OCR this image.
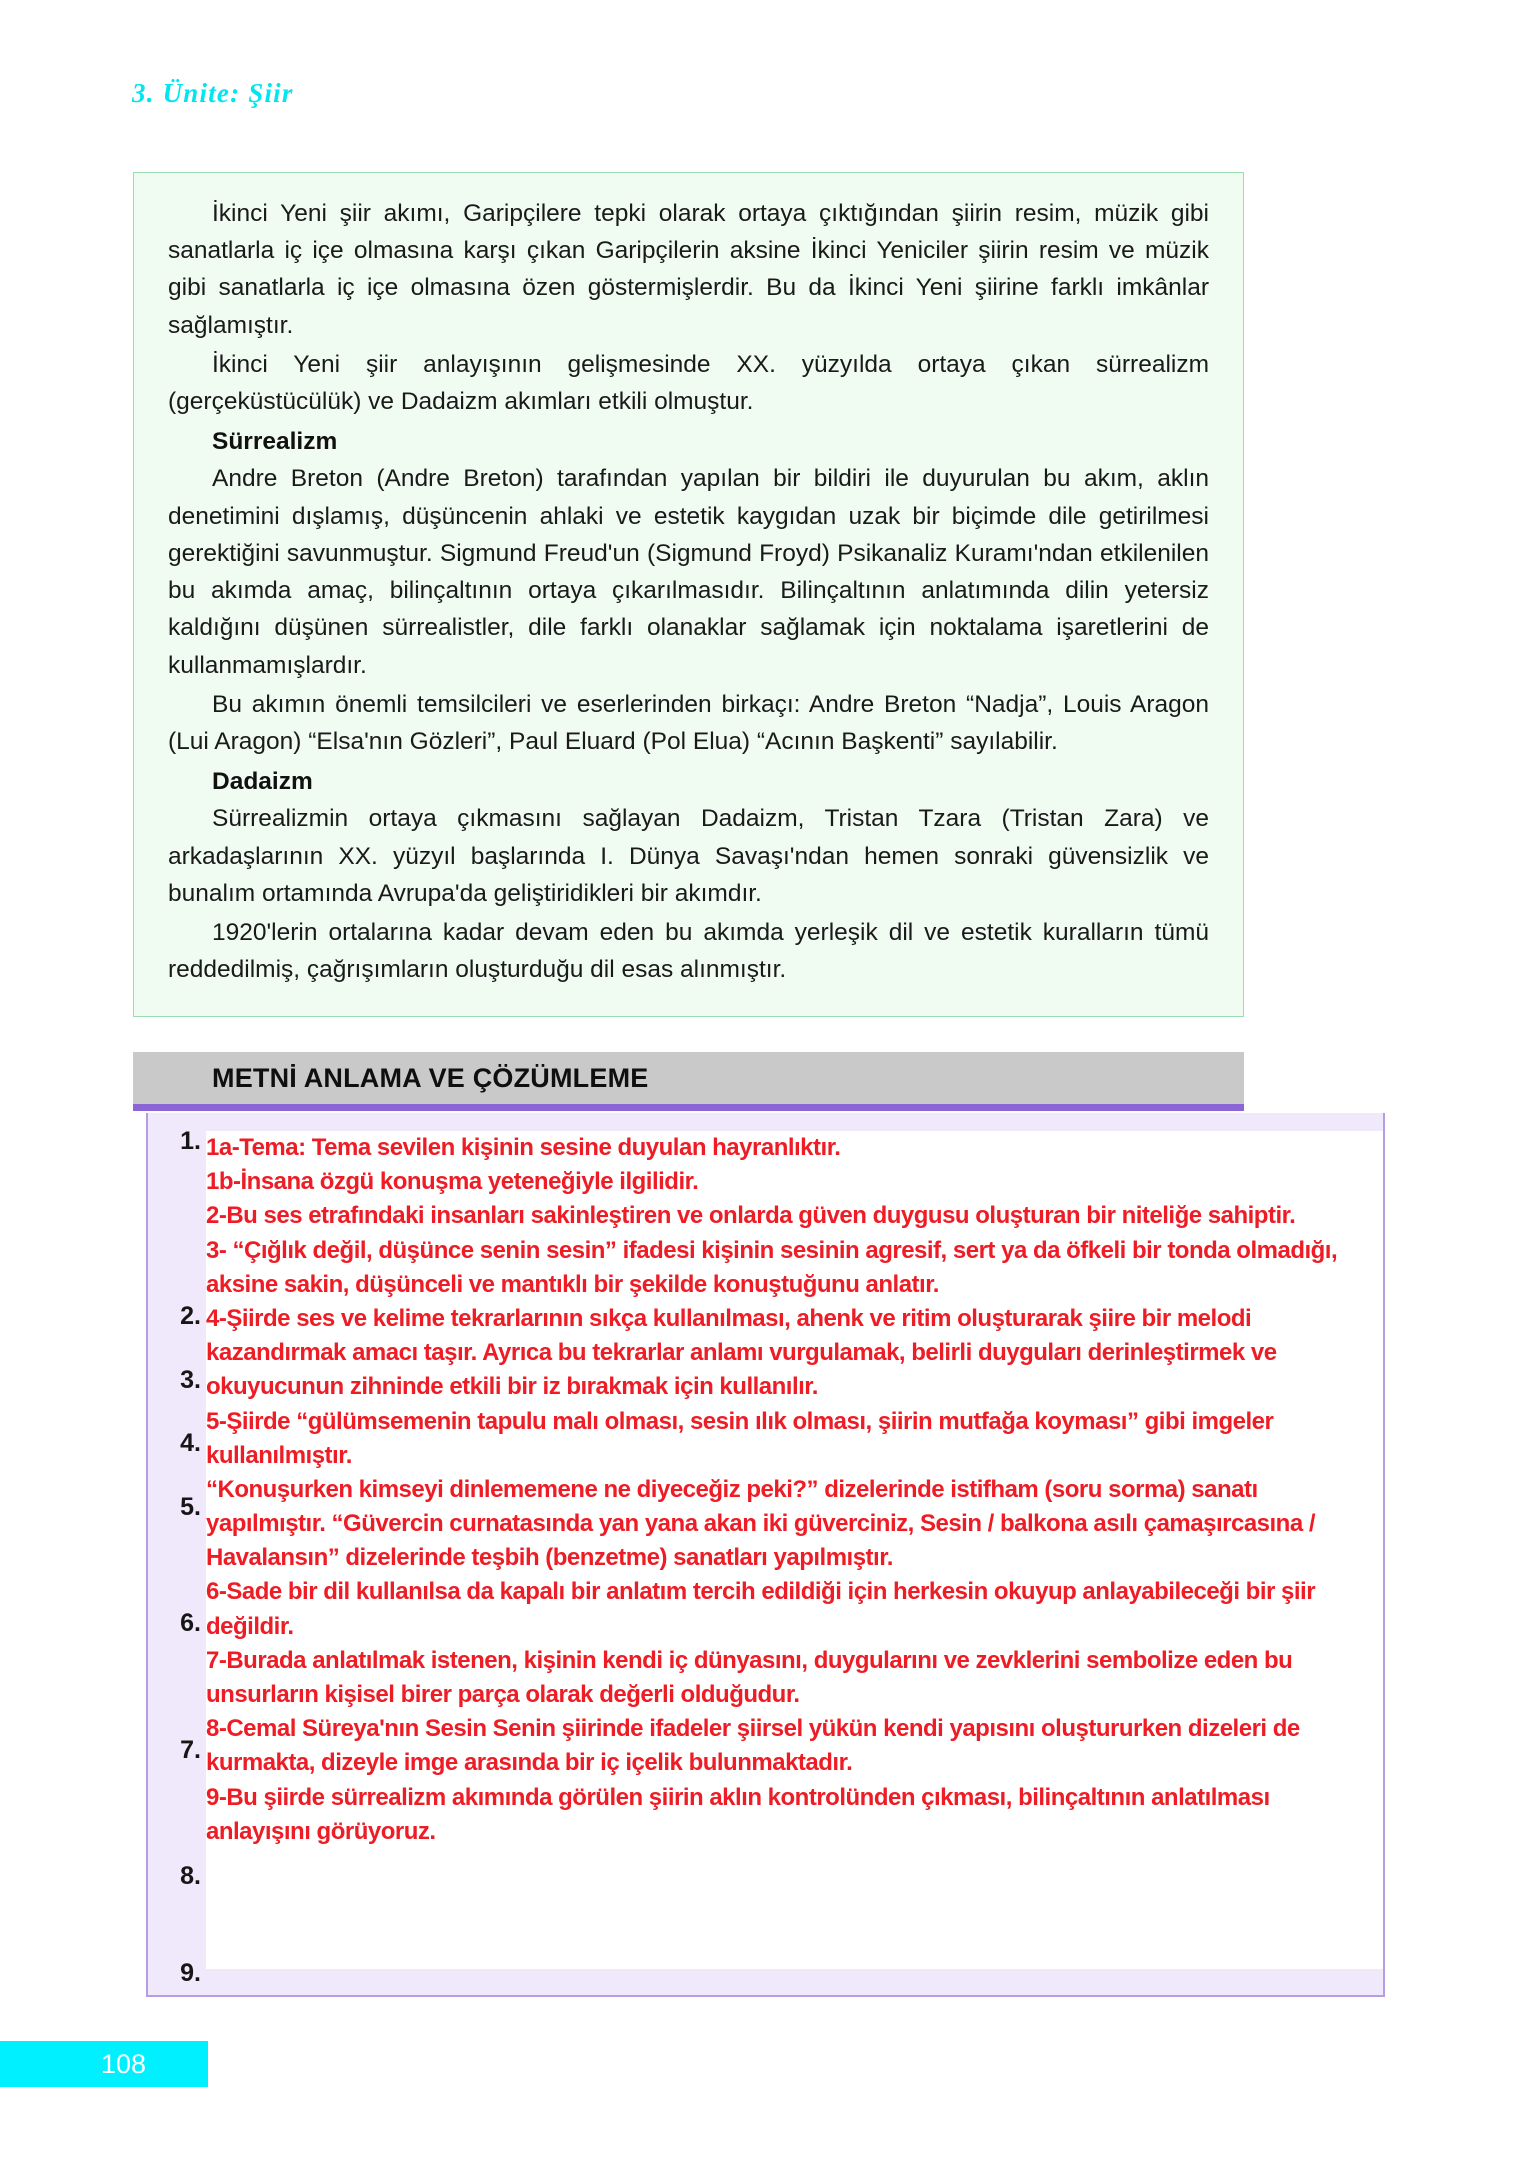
3. Ünite: Şiir

İkinci Yeni şiir akımı, Garipçilere tepki olarak ortaya çıktığından şiirin resim, müzik gibi sanatlarla iç içe olmasına karşı çıkan Garipçilerin aksine İkinci Yeniciler şiirin resim ve müzik gibi sanatlarla iç içe olmasına özen göstermişlerdir. Bu da İkinci Yeni şiirine farklı imkânlar sağlamıştır.

İkinci Yeni şiir anlayışının gelişmesinde XX. yüzyılda ortaya çıkan sürrealizm (gerçeküstücülük) ve Dadaizm akımları etkili olmuştur.

Sürrealizm

Andre Breton (Andre Breton) tarafından yapılan bir bildiri ile duyurulan bu akım, aklın denetimini dışlamış, düşüncenin ahlaki ve estetik kaygıdan uzak bir biçimde dile getirilmesi gerektiğini savunmuştur. Sigmund Freud'un (Sigmund Froyd) Psikanaliz Kuramı'ndan etkilenilen bu akımda amaç, bilinçaltının ortaya çıkarılmasıdır. Bilinçaltının anlatımında dilin yetersiz kaldığını düşünen sürrealistler, dile farklı olanaklar sağlamak için noktalama işaretlerini de kullanmamışlardır.

Bu akımın önemli temsilcileri ve eserlerinden birkaçı: Andre Breton “Nadja”, Louis Aragon (Lui Aragon) “Elsa'nın Gözleri”, Paul Eluard (Pol Elua) “Acının Başkenti” sayılabilir.

Dadaizm

Sürrealizmin ortaya çıkmasını sağlayan Dadaizm, Tristan Tzara (Tristan Zara) ve arkadaşlarının XX. yüzyıl başlarında I. Dünya Savaşı'ndan hemen sonraki güvensizlik ve bunalım ortamında Avrupa'da geliştiridikleri bir akımdır.

1920'lerin ortalarına kadar devam eden bu akımda yerleşik dil ve estetik kuralların tümü reddedilmiş, çağrışımların oluşturduğu dil esas alınmıştır.

METNİ ANLAMA VE ÇÖZÜMLEME
1.
2.
3.
4.
5.
6.
7.
8.
9.

1a-Tema: Tema sevilen kişinin sesine duyulan hayranlıktır.

1b-İnsana özgü konuşma yeteneğiyle ilgilidir.

2-Bu ses etrafındaki insanları sakinleştiren ve onlarda güven duygusu oluşturan bir niteliğe sahiptir.

3- “Çığlık değil, düşünce senin sesin” ifadesi kişinin sesinin agresif, sert ya da öfkeli bir tonda olmadığı, aksine sakin, düşünceli ve mantıklı bir şekilde konuştuğunu anlatır.

4-Şiirde ses ve kelime tekrarlarının sıkça kullanılması, ahenk ve ritim oluşturarak şiire bir melodi kazandırmak amacı taşır. Ayrıca bu tekrarlar anlamı vurgulamak, belirli duyguları derinleştirmek ve okuyucunun zihninde etkili bir iz bırakmak için kullanılır.

5-Şiirde “gülümsemenin tapulu malı olması, sesin ılık olması, şiirin mutfağa koyması” gibi imgeler kullanılmıştır.

“Konuşurken kimseyi dinlememene ne diyeceğiz peki?” dizelerinde istifham (soru sorma) sanatı yapılmıştır. “Güvercin curnatasında yan yana akan iki güverciniz, Sesin / balkona asılı çamaşırcasına / Havalansın” dizelerinde teşbih (benzetme) sanatları yapılmıştır.

6-Sade bir dil kullanılsa da kapalı bir anlatım tercih edildiği için herkesin okuyup anlayabileceği bir şiir değildir.

7-Burada anlatılmak istenen, kişinin kendi iç dünyasını, duygularını ve zevklerini sembolize eden bu unsurların kişisel birer parça olarak değerli olduğudur.

8-Cemal Süreya'nın Sesin Senin şiirinde ifadeler şiirsel yükün kendi yapısını oluştururken dizeleri de kurmakta, dizeyle imge arasında bir iç içelik bulunmaktadır.

9-Bu şiirde sürrealizm akımında görülen şiirin aklın kontrolünden çıkması, bilinçaltının anlatılması anlayışını görüyoruz.

108
